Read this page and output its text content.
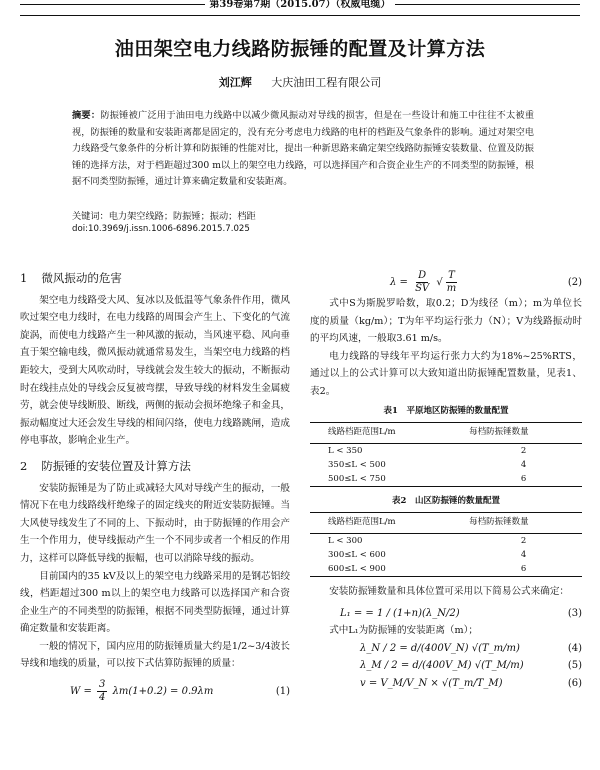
第39卷第7期（2015.07）（权威电缆）
油田架空电力线路防振锤的配置及计算方法
刘江辉 大庆油田工程有限公司
摘要：防振锤被广泛用于油田电力线路中以减少微风振动对导线的损害，但是在一些设计和施工中往往不太被重视，防振锤的数量和安装距离都是固定的，没有充分考虑电力线路的电杆的档距及气象条件的影响。通过对架空电力线路受气象条件的分析计算和防振锤的性能对比，提出一种新思路来确定架空线路防振锤安装数量、位置及防振锤的选择方法，对于档距超过300 m以上的架空电力线路，可以选择国产和合资企业生产的不同类型的防振锤，根据不同类型防振锤，通过计算来确定数量和安装距离。
关键词：电力架空线路；防振锤；振动；档距
doi:10.3969/j.issn.1006-6896.2015.7.025
1 微风振动的危害

架空电力线路受大风、复冰以及低温等气象条件作用，微风吹过架空电力线时，在电力线路的周围会产生上、下变化的气流旋涡，而使电力线路产生一种风激的振动，当风速平稳、风向垂直于架空输电线，微风振动就通常易发生，当架空电力线路的档距较大，受到大风吹动时，导线就会发生较大的振动，不断振动时在线挂点处的导线会反复被弯摆，导致导线的材料发生金属疲劳，就会使导线断股、断线，两侧的振动会损坏绝缘子和金具，振动幅度过大还会发生导线的相间闪络，使电力线路跳闸，造成停电事故，影响企业生产。

2 防振锤的安装位置及计算方法

安装防振锤是为了防止或减轻大风对导线产生的振动，一般情况下在电力线路线杆绝缘子的固定线夹的附近安装防振锤。当大风使导线发生了不同的上、下振动时，由于防振锤的作用会产生一个作用力，使导线振动产生一个不同步或者一个相反的作用力，这样可以降低导线的振幅，也可以消除导线的振动。

目前国内的35 kV及以上的架空电力线路采用的是钢芯铝绞线，档距超过300 m以上的架空电力线路可以选择国产和合资企业生产的不同类型的防振锤，根据不同类型防振锤，通过计算确定数量和安装距离。

一般的情况下，国内应用的防振锤质量大约是1/2~3/4波长导线和地线的质量，可以按下式估算防振锤的质量：

$W = \frac{3}{4} \lambda m(1+0.2) = 0.9\lambda m$	(1)
$\lambda = \frac{D}{SV}$ √ $\frac{T}{m}$	(2)

式中S为斯脱罗哈数，取0.2；D为线径（m）；m为单位长度的质量（kg/m）；T为年平均运行张力（N）；V为线路振动时的平均风速，一般取3.61 m/s。

电力线路的导线年平均运行张力大约为18%~25%RTS，通过以上的公式计算可以大致知道出防振锤配置数量，见表1、表2。

表1　平原地区防振锤的数量配置
线路档距范围L/m	每档防振锤数量
L < 350	2
350≤L < 500	4
500≤L < 750	6
表2　山区防振锤的数量配置
线路档距范围L/m	每档防振锤数量
L < 300	2
300≤L < 600	4
600≤L < 900	6

安装防振锤数量和具体位置可采用以下简易公式来确定：

L₁ = = 1 / (1+n)(λ_N/2)	(3)

式中L₁为防振锤的安装距离（m）；

λ_N / 2 = d/(400V_N) √(T_m/m)	(4)
λ_M / 2 = d/(400V_M) √(T_M/m)	(5)
v = V_M/V_N × √(T_m/T_M)	(6)
